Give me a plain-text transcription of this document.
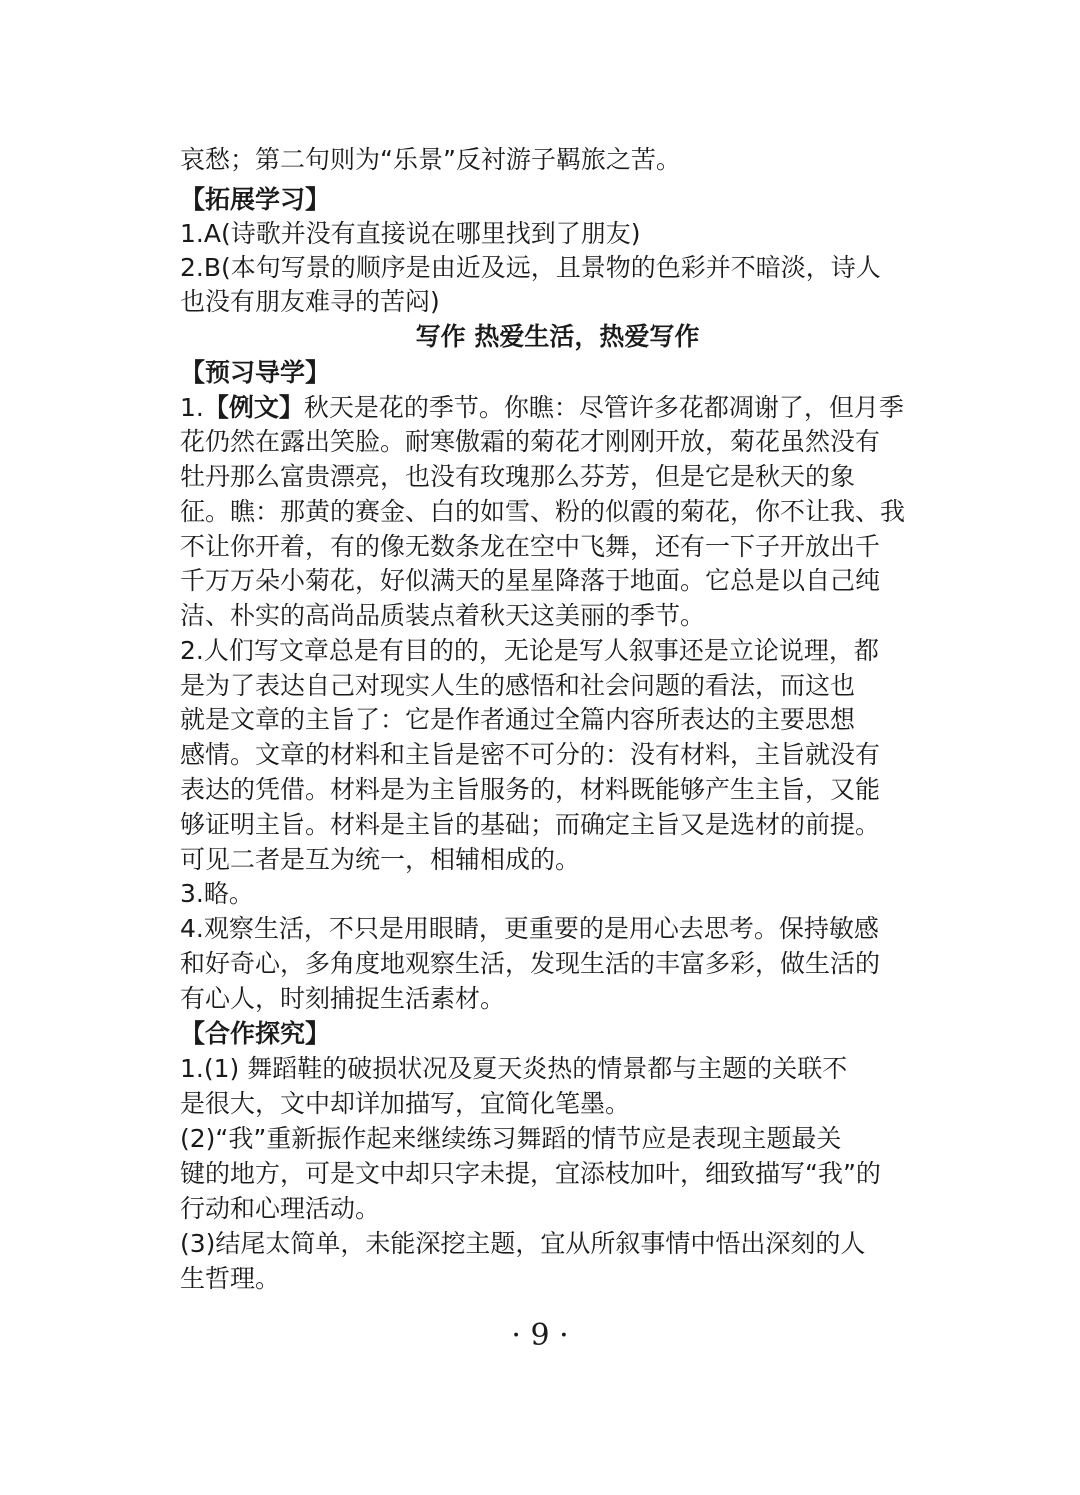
哀愁；第二句则为“乐景”反衬游子羁旅之苦。
【拓展学习】
1.A(诗歌并没有直接说在哪里找到了朋友)
2.B(本句写景的顺序是由近及远，且景物的色彩并不暗淡，诗人
也没有朋友难寻的苦闷)
写作 热爱生活，热爱写作
【预习导学】
1.【例文】秋天是花的季节。你瞧：尽管许多花都凋谢了，但月季
花仍然在露出笑脸。耐寒傲霜的菊花才刚刚开放，菊花虽然没有
牡丹那么富贵漂亮，也没有玫瑰那么芬芳，但是它是秋天的象
征。瞧：那黄的赛金、白的如雪、粉的似霞的菊花，你不让我、我
不让你开着，有的像无数条龙在空中飞舞，还有一下子开放出千
千万万朵小菊花，好似满天的星星降落于地面。它总是以自己纯
洁、朴实的高尚品质装点着秋天这美丽的季节。
2.人们写文章总是有目的的，无论是写人叙事还是立论说理，都
是为了表达自己对现实人生的感悟和社会问题的看法，而这也
就是文章的主旨了：它是作者通过全篇内容所表达的主要思想
感情。文章的材料和主旨是密不可分的：没有材料，主旨就没有
表达的凭借。材料是为主旨服务的，材料既能够产生主旨，又能
够证明主旨。材料是主旨的基础；而确定主旨又是选材的前提。
可见二者是互为统一，相辅相成的。
3.略。
4.观察生活，不只是用眼睛，更重要的是用心去思考。保持敏感
和好奇心，多角度地观察生活，发现生活的丰富多彩，做生活的
有心人，时刻捕捉生活素材。
【合作探究】
1.(1) 舞蹈鞋的破损状况及夏天炎热的情景都与主题的关联不
是很大，文中却详加描写，宜简化笔墨。
(2)“我”重新振作起来继续练习舞蹈的情节应是表现主题最关
键的地方，可是文中却只字未提，宜添枝加叶，细致描写“我”的
行动和心理活动。
(3)结尾太简单，未能深挖主题，宜从所叙事情中悟出深刻的人
生哲理。
· 9 ·
